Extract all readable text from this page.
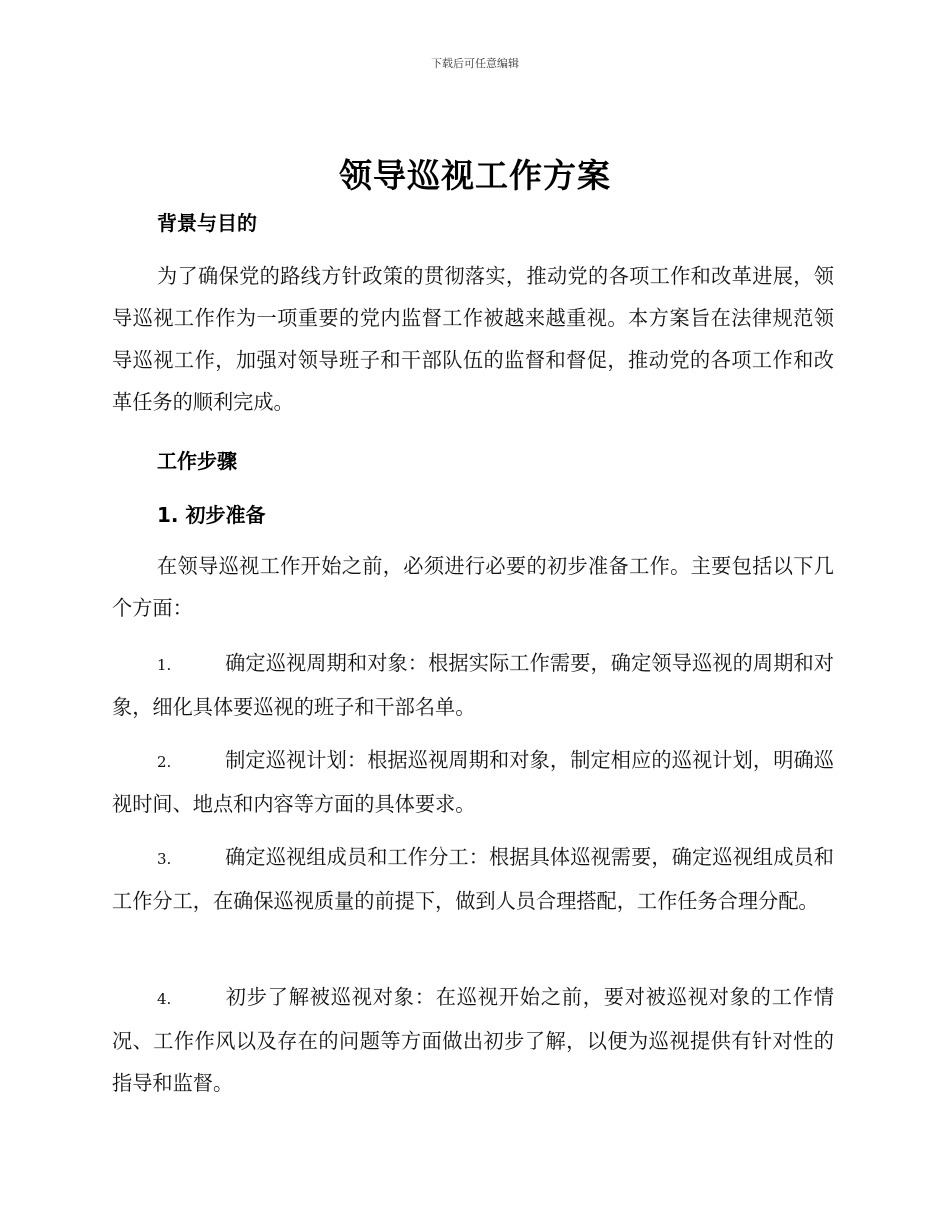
下载后可任意编辑
领导巡视工作方案
背景与目的
为了确保党的路线方针政策的贯彻落实，推动党的各项工作和改革进展，领导巡视工作作为一项重要的党内监督工作被越来越重视。本方案旨在法律规范领导巡视工作，加强对领导班子和干部队伍的监督和督促，推动党的各项工作和改革任务的顺利完成。
工作步骤
1. 初步准备
在领导巡视工作开始之前，必须进行必要的初步准备工作。主要包括以下几个方面：
1.	确定巡视周期和对象：根据实际工作需要，确定领导巡视的周期和对象，细化具体要巡视的班子和干部名单。
2.	制定巡视计划：根据巡视周期和对象，制定相应的巡视计划，明确巡视时间、地点和内容等方面的具体要求。
3.	确定巡视组成员和工作分工：根据具体巡视需要，确定巡视组成员和工作分工，在确保巡视质量的前提下，做到人员合理搭配，工作任务合理分配。
4.	初步了解被巡视对象：在巡视开始之前，要对被巡视对象的工作情况、工作作风以及存在的问题等方面做出初步了解，以便为巡视提供有针对性的指导和监督。
